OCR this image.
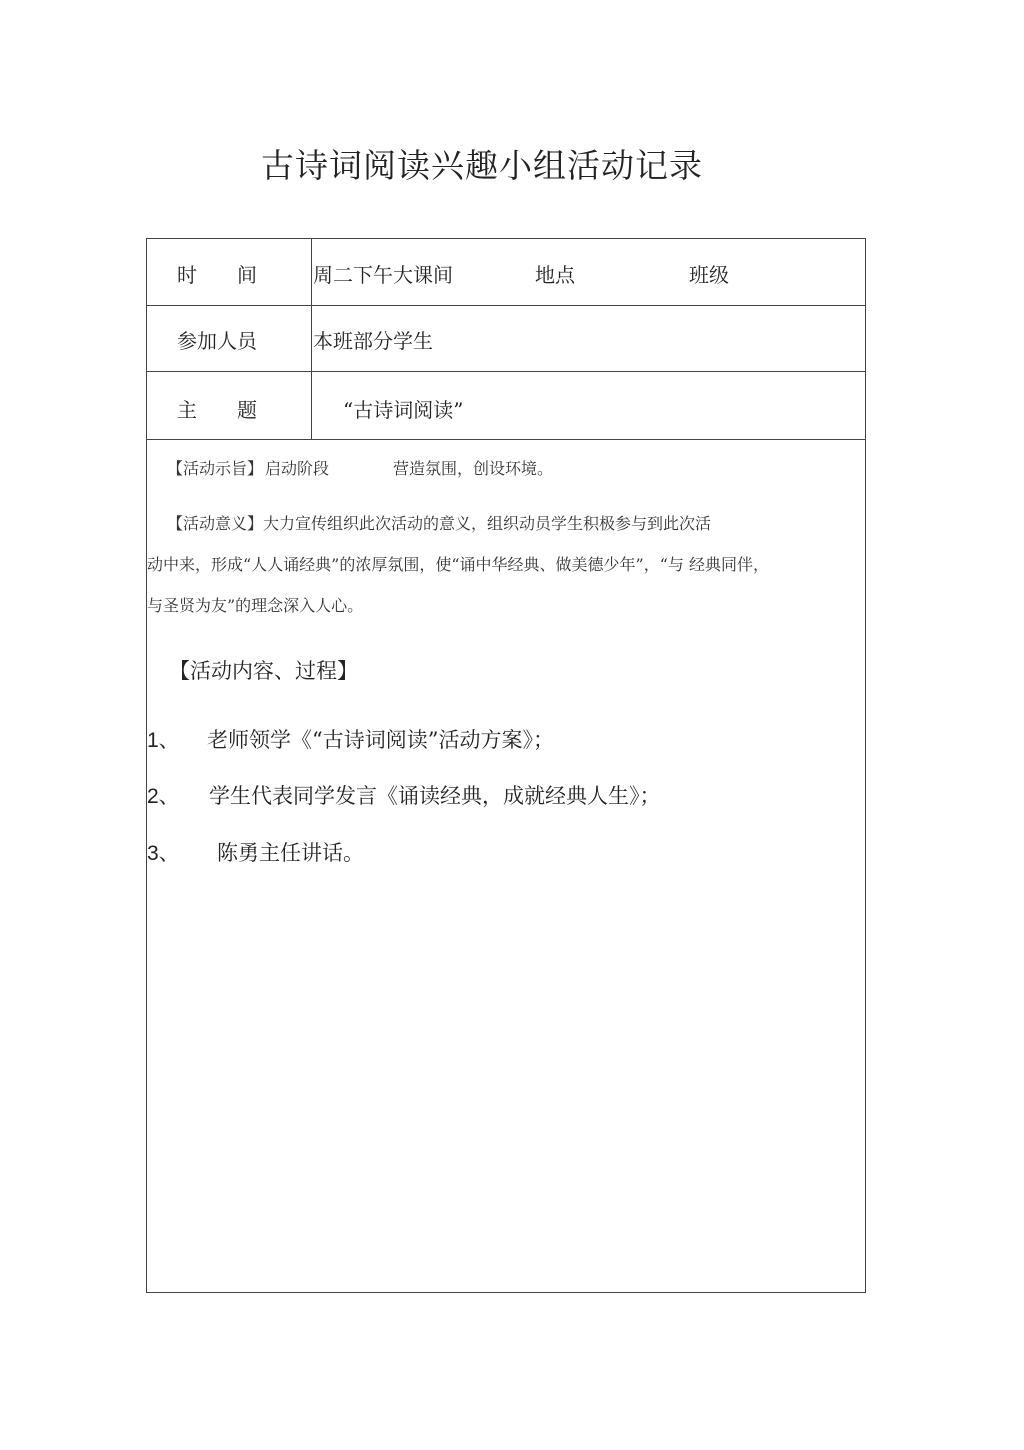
古诗词阅读兴趣小组活动记录
时　　间	周二下午大课间	地点	班级
参加人员	本班部分学生
主　　题	“古诗词阅读”
【活动示旨】 启动阶段	营造氛围，创设环境。
【活动意义】大力宣传组织此次活动的意义，组织动员学生积极参与到此次活
动中来，形成“人人诵经典”的浓厚氛围，使“诵中华经典、做美德少年”，“与 经典同伴，
与圣贤为友”的理念深入人心。
【活动内容、过程】
1、 老师领学《“古诗词阅读”活动方案》；
2、 学生代表同学发言《诵读经典，成就经典人生》；
3、 陈勇主任讲话。
